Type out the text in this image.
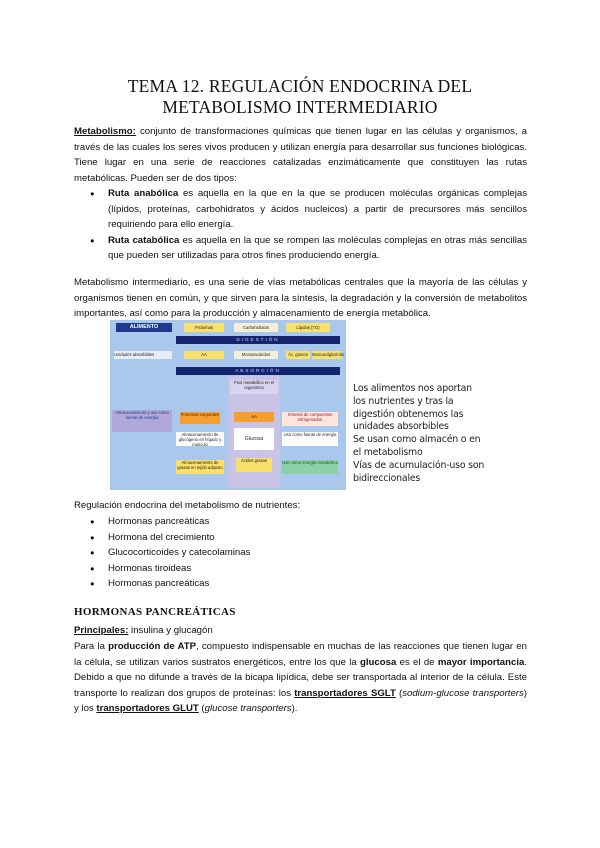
TEMA 12. REGULACIÓN ENDOCRINA DEL
METABOLISMO INTERMEDIARIO
Metabolismo: conjunto de transformaciones químicas que tienen lugar en las células y organismos, a través de las cuales los seres vivos producen y utilizan energía para desarrollar sus funciones biológicas. Tiene lugar en una serie de reacciones catalizadas enzimáticamente que constituyen las rutas metabólicas. Pueden ser de dos tipos:
● Ruta anabólica es aquella en la que en la que se producen moléculas orgánicas complejas (lípidos, proteínas, carbohidratos y ácidos nucleicos) a partir de precursores más sencillos requiriendo para ello energía.
● Ruta catabólica es aquella en la que se rompen las moléculas complejas en otras más sencillas que pueden ser utilizadas para otros fines produciendo energía.
Metabolismo intermediario, es una serie de vías metabólicas centrales que la mayoría de las células y organismos tienen en común, y que sirven para la síntesis, la degradación y la conversión de metabolitos importantes, así como para la producción y almacenamiento de energía metabólica.
ALIMENTO	Proteínas	Carbohidratos	Lípidos (TG)
DIGESTIÓN
Unidades absorbibles	AA	Monosacáridos	Ác. grasos Monoacilglicérido
ABSORCIÓN
Pool metabólico en el organismo
Proteínas corporales	AA	Síntesis de compuestos nitrogenados
Almacenamiento y uso como fuente de energía
Almacenamiento de glucógeno en hígado y músculo
Glucosa
Uso como fuente de energía
Almacenamiento de grasas en tejido adiposo
Ácidos grasos	Uso como energía metabólica
Los alimentos nos aportan los nutrientes y tras la digestión obtenemos las unidades absorbibles
Se usan como almacén o en el metabolismo
Vías de acumulación-uso son bidireccionales
Regulación endocrina del metabolismo de nutrientes:
● Hormonas pancreáticas
● Hormona del crecimiento
● Glucocorticoides y catecolaminas
● Hormonas tiroideas
● Hormonas pancreáticas
HORMONAS PANCREÁTICAS
Principales: insulina y glucagón
Para la producción de ATP, compuesto indispensable en muchas de las reacciones que tienen lugar en la célula, se utilizan varios sustratos energéticos, entre los que la glucosa es el de mayor importancia. Debido a que no difunde a través de la bicapa lipídica, debe ser transportada al interior de la célula. Este transporte lo realizan dos grupos de proteínas: los transportadores SGLT (sodium-glucose transporters) y los transportadores GLUT (glucose transporters).
